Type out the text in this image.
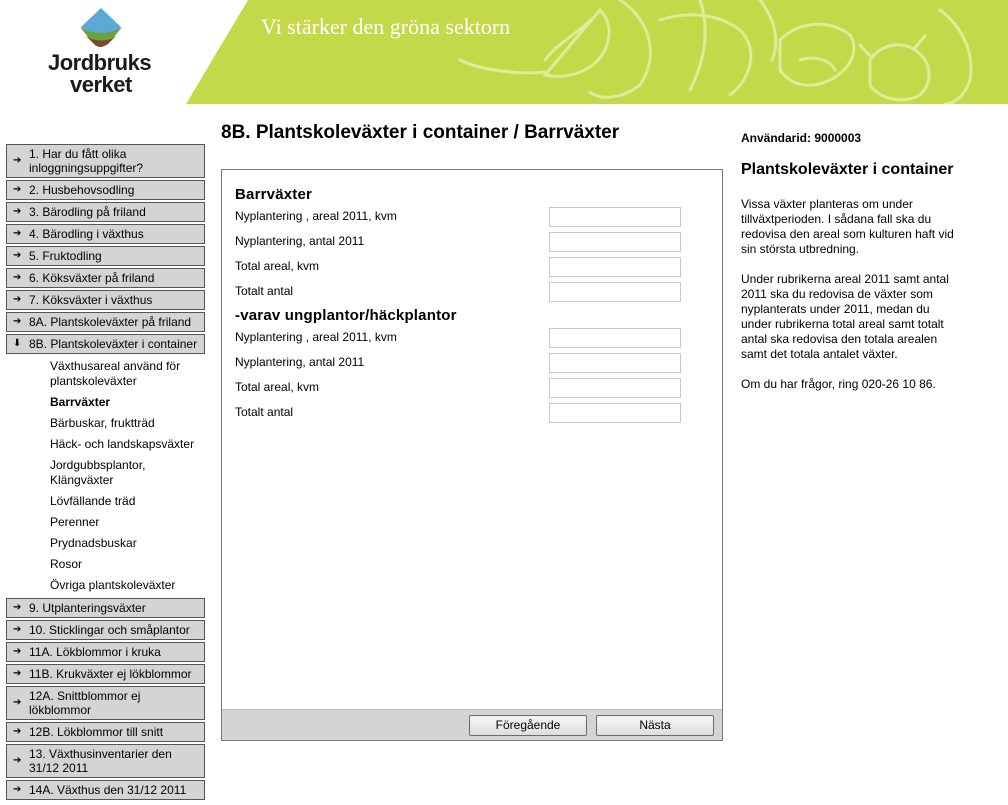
Jordbruks
verket
Vi stärker den gröna sektorn
➔ 1. Har du fått olika inloggningsuppgifter?
➔ 2. Husbehovsodling
➔ 3. Bärodling på friland
➔ 4. Bärodling i växthus
➔ 5. Fruktodling
➔ 6. Köksväxter på friland
➔ 7. Köksväxter i växthus
➔ 8A. Plantskoleväxter på friland
⬇ 8B. Plantskoleväxter i container
Växthusareal använd för plantskoleväxter
Barrväxter
Bärbuskar, fruktträd
Häck- och landskapsväxter
Jordgubbsplantor, Klängväxter
Lövfällande träd
Perenner
Prydnadsbuskar
Rosor
Övriga plantskoleväxter
➔ 9. Utplanteringsväxter
➔ 10. Sticklingar och småplantor
➔ 11A. Lökblommor i kruka
➔ 11B. Krukväxter ej lökblommor
➔ 12A. Snittblommor ej lökblommor
➔ 12B. Lökblommor till snitt
➔ 13. Växthusinventarier den 31/12 2011
➔ 14A. Växthus den 31/12 2011
8B. Plantskoleväxter i container / Barrväxter
Barrväxter
Nyplantering , areal 2011, kvm
Nyplantering, antal 2011
Total areal, kvm
Totalt antal
-varav ungplantor/häckplantor
Nyplantering , areal 2011, kvm
Nyplantering, antal 2011
Total areal, kvm
Totalt antal
Föregående	Nästa
Användarid: 9000003
Plantskoleväxter i container

Vissa växter planteras om under tillväxtperioden. I sådana fall ska du redovisa den areal som kulturen haft vid sin största utbredning.

Under rubrikerna areal 2011 samt antal 2011 ska du redovisa de växter som nyplanterats under 2011, medan du under rubrikerna total areal samt totalt antal ska redovisa den totala arealen samt det totala antalet växter.

Om du har frågor, ring 020-26 10 86.
